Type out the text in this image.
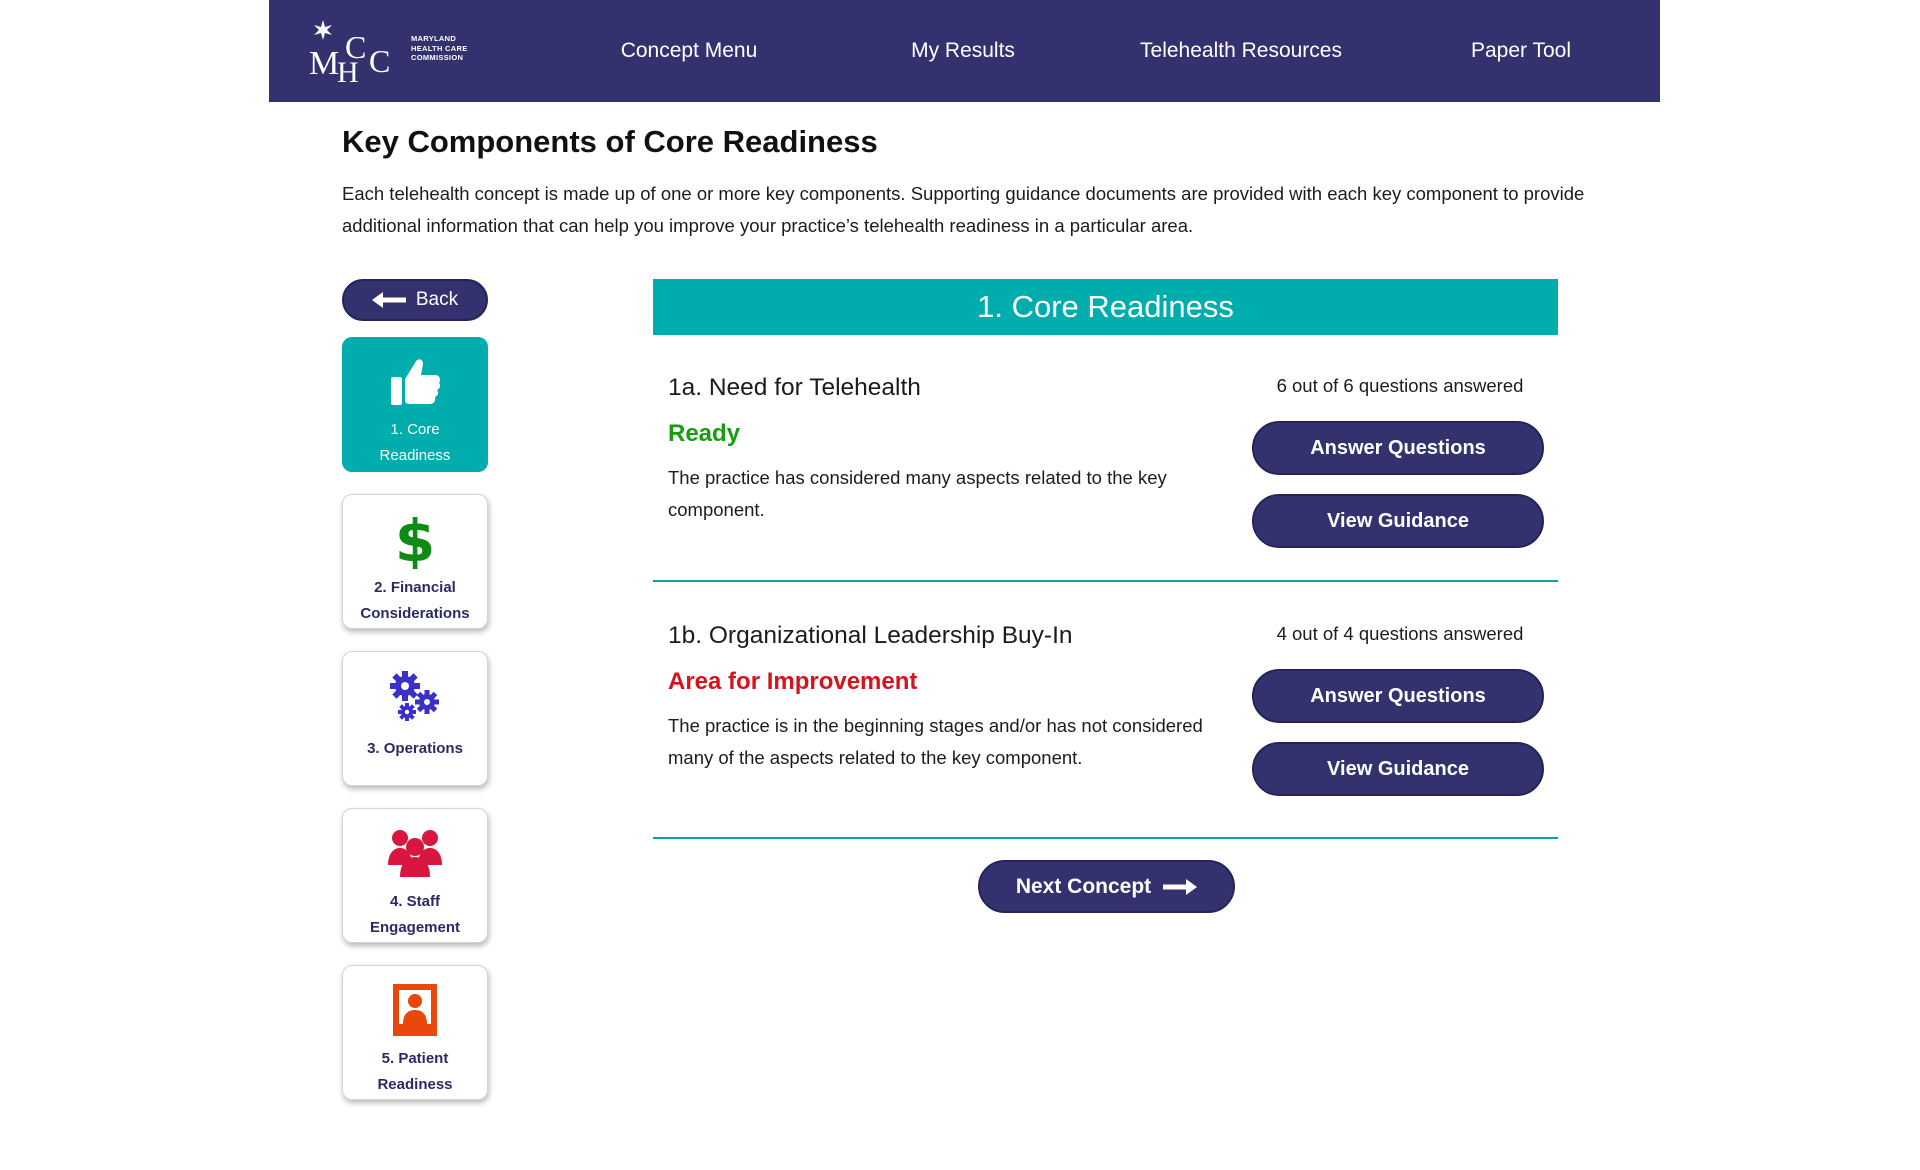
M
H
C C
MARYLAND
HEALTH CARE
COMMISSION	Concept Menu	My Results	Telehealth Resources	Paper Tool
Key Components of Core Readiness
Each telehealth concept is made up of one or more key components. Supporting guidance documents are provided with each key component to provide additional information that can help you improve your practice’s telehealth readiness in a particular area.
Back
1. Core
Readiness
$
2. Financial
Considerations
3. Operations
4. Staff
Engagement
5. Patient
Readiness
1. Core Readiness
1a. Need for Telehealth
Ready
The practice has considered many aspects related to the key component.
6 out of 6 questions answered
Answer Questions
View Guidance
1b. Organizational Leadership Buy-In
Area for Improvement
The practice is in the beginning stages and/or has not considered many of the aspects related to the key component.
4 out of 4 questions answered
Answer Questions
View Guidance
Next Concept
